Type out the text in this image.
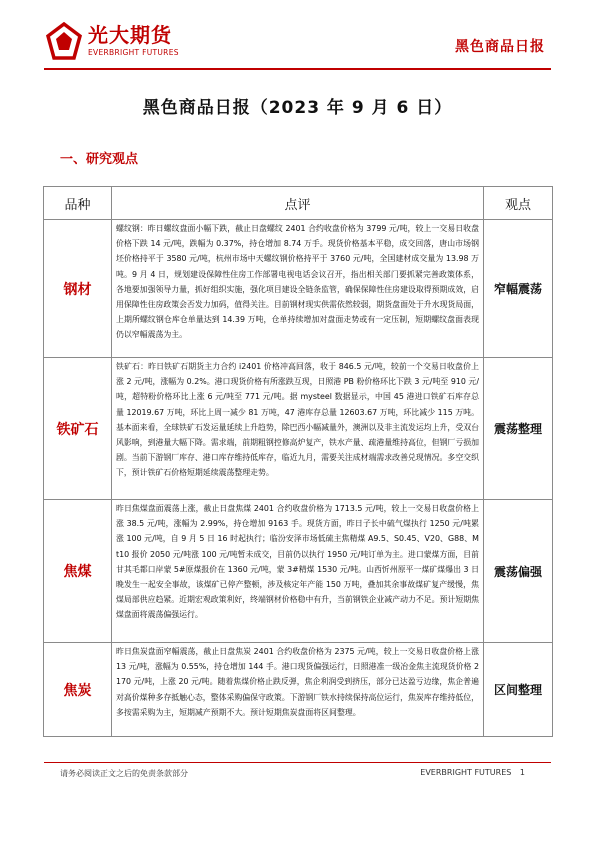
光大期货
EVERBRIGHT FUTURES	黑色商品日报
黑色商品日报（2023 年 9 月 6 日）
一、研究观点
品种	点评	观点
钢材	螺纹钢：昨日螺纹盘面小幅下跌，截止日盘螺纹 2401 合约收盘价格为 3799 元/吨，较上一交易日收盘价格下跌 14 元/吨，跌幅为 0.37%，持仓增加 8.74 万手。现货价格基本平稳，成交回落，唐山市场钢坯价格持平于 3580 元/吨，杭州市场中天螺纹钢价格持平于 3760 元/吨，全国建材成交量为 13.98 万吨。9 月 4 日，规划建设保障性住房工作部署电视电话会议召开，指出相关部门要抓紧完善政策体系，各地要加强领导力量，抓好组织实施，强化项目建设全链条监管，确保保障性住房建设取得预期成效，启用保障性住房政策会否发力加码，值得关注。目前钢材现实供需依然较弱，期货盘面处于升水现货局面，上期所螺纹钢仓库仓单量达到 14.39 万吨，仓单持续增加对盘面走势或有一定压制，短期螺纹盘面表现仍以窄幅震荡为主。	窄幅震荡
铁矿石	铁矿石：昨日铁矿石期货主力合约 i2401 价格冲高回落，收于 846.5 元/吨，较前一个交易日收盘价上涨 2 元/吨，涨幅为 0.2%。港口现货价格有所涨跌互现，日照港 PB 粉价格环比下跌 3 元/吨至 910 元/吨，超特粉价格环比上涨 6 元/吨至 771 元/吨。据 mysteel 数据显示，中国 45 港进口铁矿石库存总量 12019.67 万吨，环比上周一减少 81 万吨，47 港库存总量 12603.67 万吨，环比减少 115 万吨。基本面来看，全球铁矿石发运量延续上升趋势，除巴西小幅减量外，澳洲以及非主流发运均上升，受双台风影响，到港量大幅下降。需求端，前期粗钢控修高炉复产，铁水产量、疏港量维持高位，但钢厂亏损加剧。当前下游钢厂库存、港口库存维持低库存，临近九月，需要关注成材端需求改善兑现情况。多空交织下，预计铁矿石价格短期延续震荡整理走势。	震荡整理
焦煤	昨日焦煤盘面震荡上涨，截止日盘焦煤 2401 合约收盘价格为 1713.5 元/吨，较上一交易日收盘价格上涨 38.5 元/吨，涨幅为 2.99%，持仓增加 9163 手。现货方面，昨日子长中硫气煤执行 1250 元/吨累涨 100 元/吨，自 9 月 5 日 16 时起执行；临汾安泽市场低硫主焦精煤 A9.5、S0.45、V20、G88、Mt10 报价 2050 元/吨涨 100 元/吨暂未成交，目前仍以执行 1950 元/吨订单为主。进口蒙煤方面，目前甘其毛都口岸蒙 5#原煤报价在 1360 元/吨，蒙 3#精煤 1530 元/吨。山西忻州原平一煤矿煤爆出 3 日晚发生一起安全事故，该煤矿已停产整顿，涉及核定年产能 150 万吨，叠加其余事故煤矿复产缓慢，焦煤局部供应趋紧。近期宏观政策利好，终端钢材价格稳中有升，当前钢铁企业减产动力不足。预计短期焦煤盘面将震荡偏强运行。	震荡偏强
焦炭	昨日焦炭盘面窄幅震荡，截止日盘焦炭 2401 合约收盘价格为 2375 元/吨，较上一交易日收盘价格上涨 13 元/吨，涨幅为 0.55%，持仓增加 144 手。港口现货偏强运行，日照港准一级冶金焦主流现货价格 2170 元/吨，上涨 20 元/吨。随着焦煤价格止跌反弹，焦企利润受到挤压，部分已达盈亏边缘，焦企普遍对高价煤种多存抵触心态，整体采购偏保守政策。下游钢厂铁水持续保持高位运行，焦炭库存维持低位，多按需采购为主，短期减产预期不大。预计短期焦炭盘面将区间整理。	区间整理
请务必阅读正文之后的免责条款部分	EVERBRIGHT FUTURES 1
